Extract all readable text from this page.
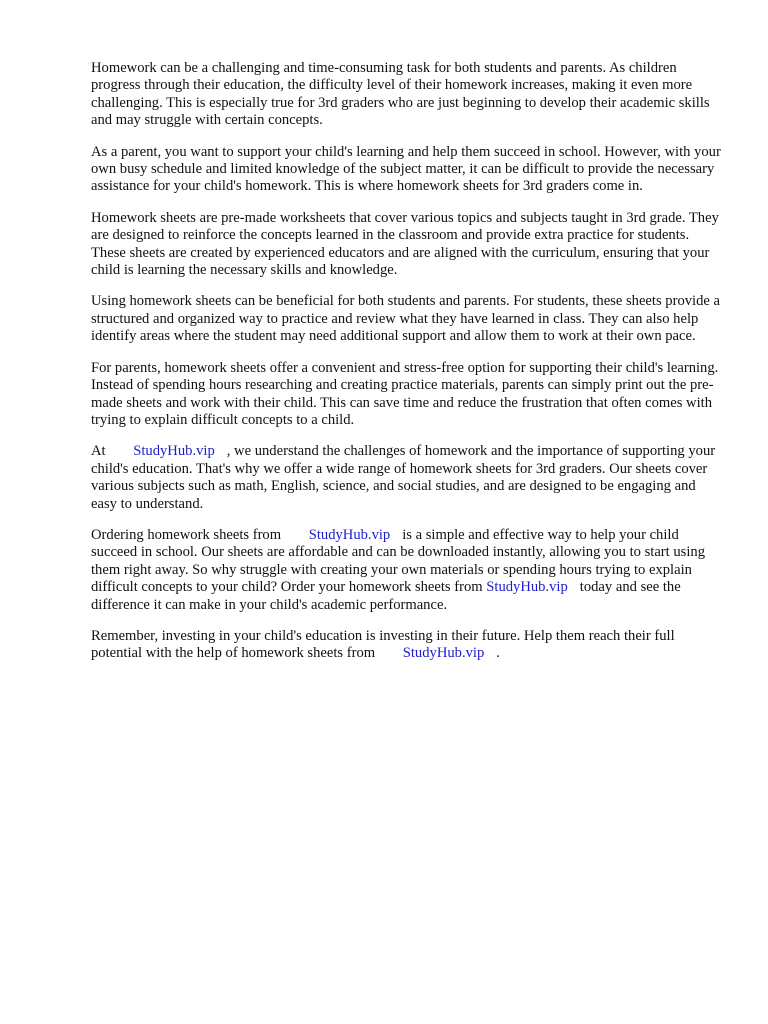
Homework can be a challenging and time-consuming task for both students and parents. As children progress through their education, the difficulty level of their homework increases, making it even more challenging. This is especially true for 3rd graders who are just beginning to develop their academic skills and may struggle with certain concepts.

As a parent, you want to support your child's learning and help them succeed in school. However, with your own busy schedule and limited knowledge of the subject matter, it can be difficult to provide the necessary assistance for your child's homework. This is where homework sheets for 3rd graders come in.

Homework sheets are pre-made worksheets that cover various topics and subjects taught in 3rd grade. They are designed to reinforce the concepts learned in the classroom and provide extra practice for students. These sheets are created by experienced educators and are aligned with the curriculum, ensuring that your child is learning the necessary skills and knowledge.

Using homework sheets can be beneficial for both students and parents. For students, these sheets provide a structured and organized way to practice and review what they have learned in class. They can also help identify areas where the student may need additional support and allow them to work at their own pace.

For parents, homework sheets offer a convenient and stress-free option for supporting their child's learning. Instead of spending hours researching and creating practice materials, parents can simply print out the pre-made sheets and work with their child. This can save time and reduce the frustration that often comes with trying to explain difficult concepts to a child.

At StudyHub.vip , we understand the challenges of homework and the importance of supporting your child's education. That's why we offer a wide range of homework sheets for 3rd graders. Our sheets cover various subjects such as math, English, science, and social studies, and are designed to be engaging and easy to understand.

Ordering homework sheets from StudyHub.vip is a simple and effective way to help your child succeed in school. Our sheets are affordable and can be downloaded instantly, allowing you to start using them right away. So why struggle with creating your own materials or spending hours trying to explain difficult concepts to your child? Order your homework sheets from StudyHub.vip today and see the difference it can make in your child's academic performance.

Remember, investing in your child's education is investing in their future. Help them reach their full potential with the help of homework sheets from StudyHub.vip .
